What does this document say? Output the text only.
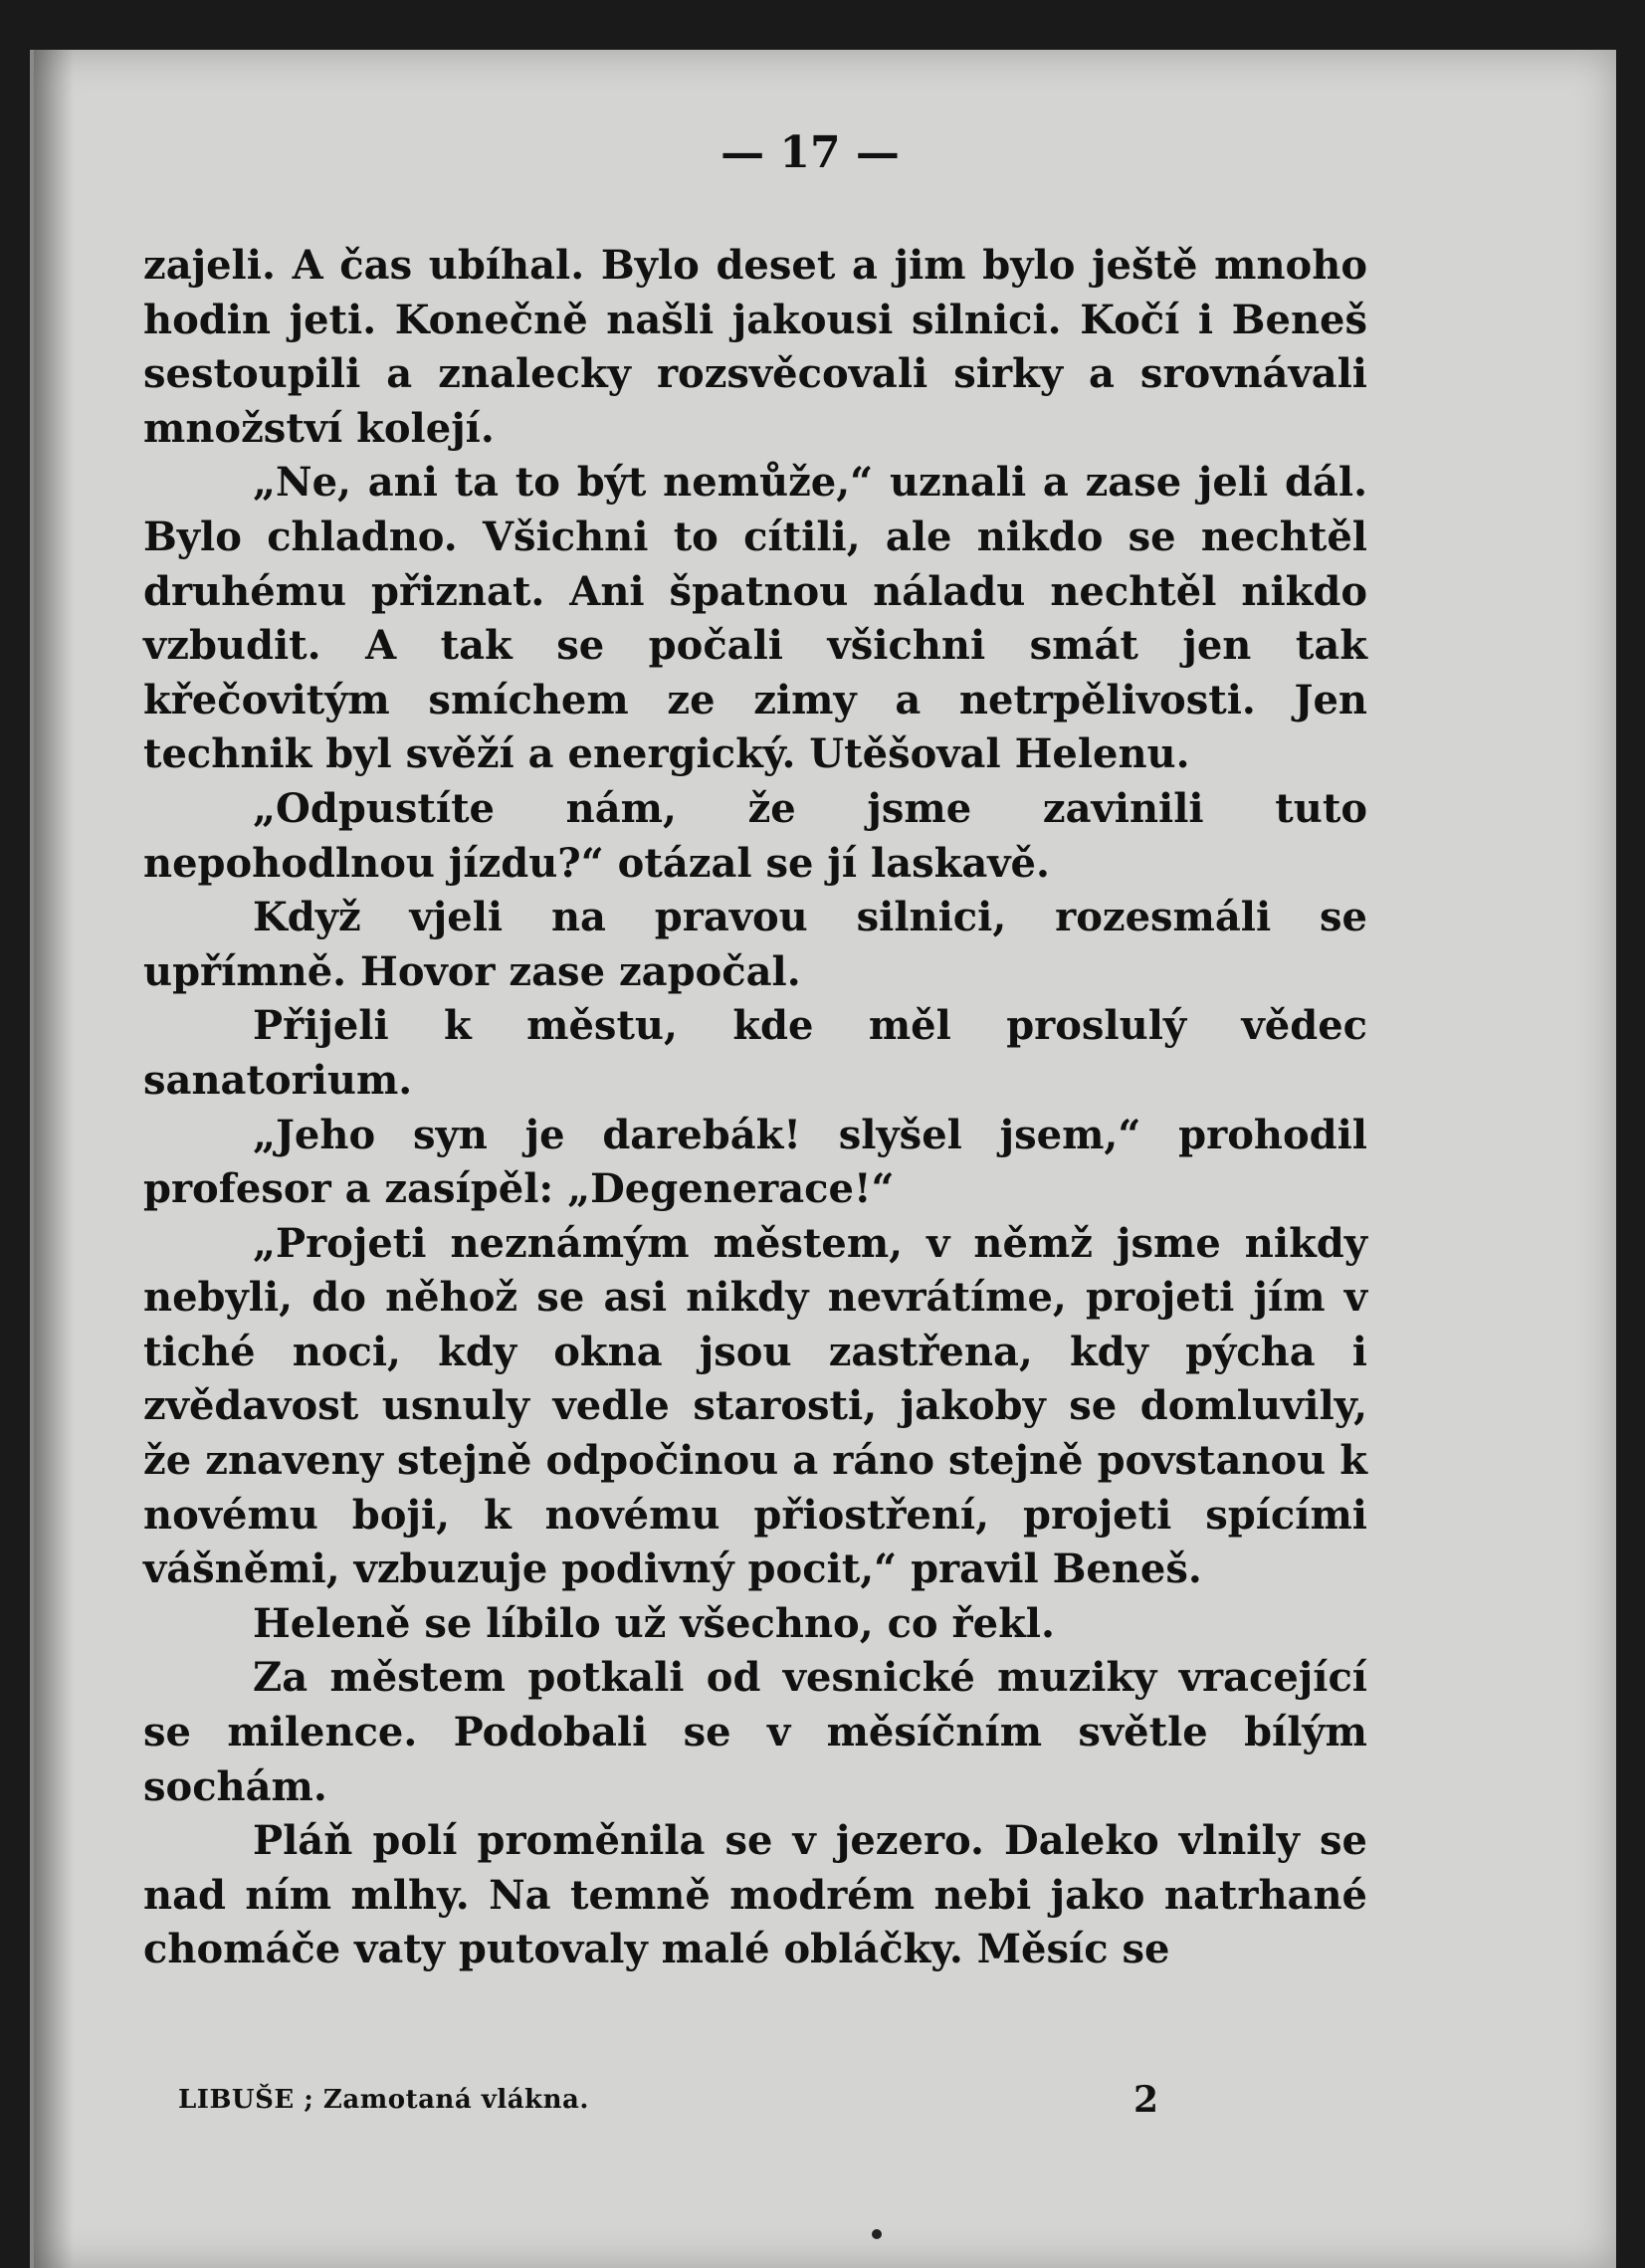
— 17 —

zajeli. A čas ubíhal. Bylo deset a jim bylo ještě mnoho hodin jeti. Konečně našli jakousi silnici. Kočí i Beneš sestoupili a znalecky rozsvěcovali sirky a srovnávali množství kolejí.

„Ne, ani ta to být nemůže,“ uznali a zase jeli dál. Bylo chladno. Všichni to cítili, ale nikdo se nechtěl druhému přiznat. Ani špatnou náladu nechtěl nikdo vzbudit. A tak se počali všichni smát jen tak křečovitým smíchem ze zimy a netrpělivosti. Jen technik byl svěží a energický. Utěšoval Helenu.

„Odpustíte nám, že jsme zavinili tuto nepohodlnou jízdu?“ otázal se jí laskavě.

Když vjeli na pravou silnici, rozesmáli se upřímně. Hovor zase započal.

Přijeli k městu, kde měl proslulý vědec sanatorium.

„Jeho syn je darebák! slyšel jsem,“ prohodil profesor a zasípěl: „Degenerace!“

„Projeti neznámým městem, v němž jsme nikdy nebyli, do něhož se asi nikdy nevrátíme, projeti jím v tiché noci, kdy okna jsou zastřena, kdy pýcha i zvědavost usnuly vedle starosti, jakoby se domluvily, že znaveny stejně odpočinou a ráno stejně povstanou k novému boji, k novému přiostření, projeti spícími vášněmi, vzbuzuje podivný pocit,“ pravil Beneš.

Heleně se líbilo už všechno, co řekl.

Za městem potkali od vesnické muziky vracející se milence. Podobali se v měsíčním světle bílým sochám.

Pláň polí proměnila se v jezero. Daleko vlnily se nad ním mlhy. Na temně modrém nebi jako natrhané chomáče vaty putovaly malé obláčky. Měsíc se

LIBUŠE ; Zamotaná vlákna.	2
